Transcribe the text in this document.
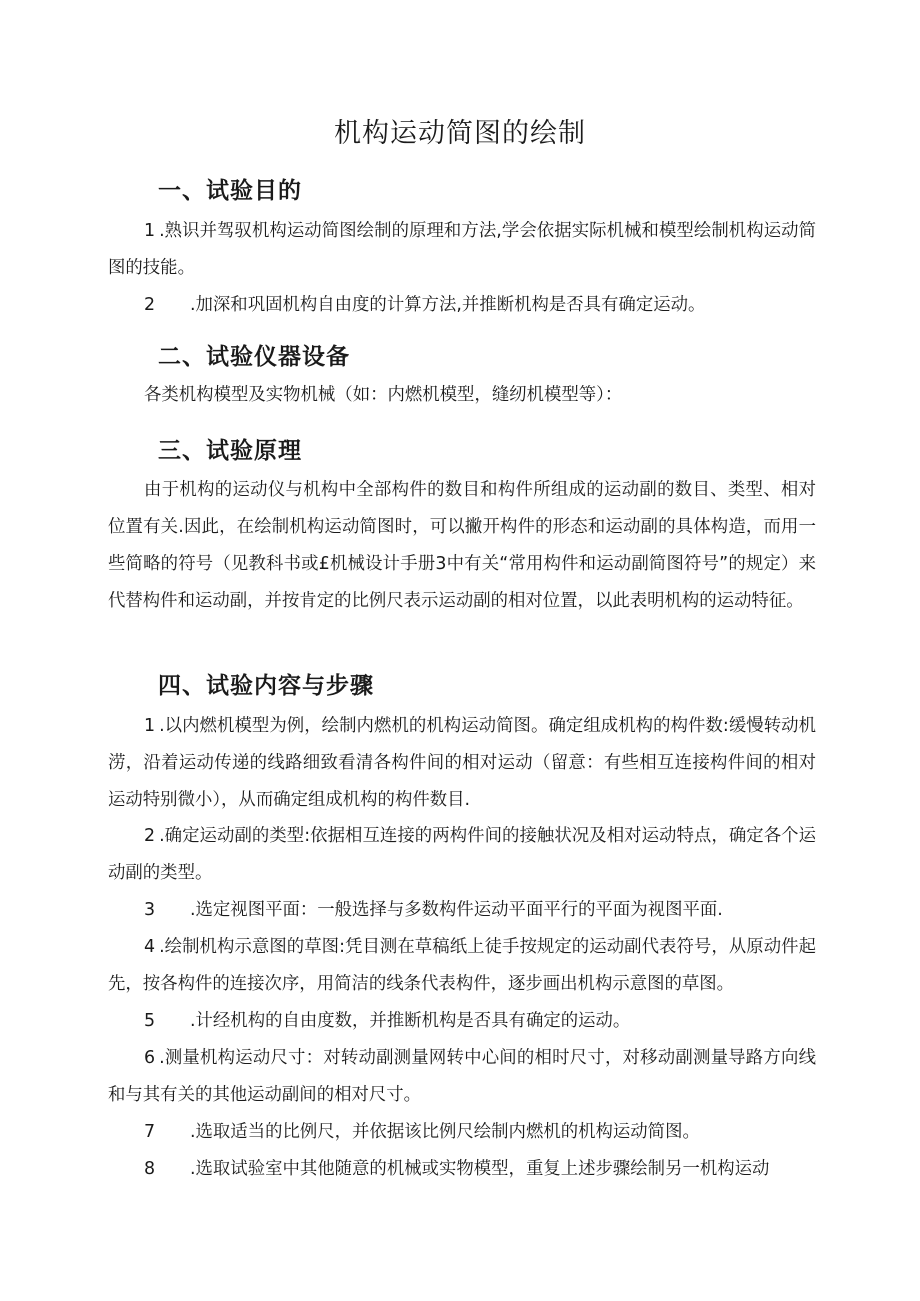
机构运动简图的绘制
一、试验目的

1 .熟识并驾驭机构运动简图绘制的原理和方法,学会依据实际机械和模型绘制机构运动简图的技能。

2 .加深和巩固机构自由度的计算方法,并推断机构是否具有确定运动。

二、试验仪器设备

各类机构模型及实物机械（如：内燃机模型，缝纫机模型等）：

三、试验原理

由于机构的运动仪与机构中全部构件的数目和构件所组成的运动副的数目、类型、相对位置有关.因此，在绘制机构运动简图时，可以撇开构件的形态和运动副的具体构造，而用一些简略的符号（见教科书或£机械设计手册3中有关“常用构件和运动副简图符号”的规定）来代替构件和运动副，并按肯定的比例尺表示运动副的相对位置，以此表明机构的运动特征。

四、试验内容与步骤

1 .以内燃机模型为例，绘制内燃机的机构运动简图。确定组成机构的构件数:缓慢转动机涝，沿着运动传递的线路细致看清各构件间的相对运动（留意：有些相互连接构件间的相对运动特别微小），从而确定组成机构的构件数目.

2 .确定运动副的类型:依据相互连接的两构件间的接触状况及相对运动特点，确定各个运动副的类型。

3 .选定视图平面：一般选择与多数构件运动平面平行的平面为视图平面.

4 .绘制机构示意图的草图:凭目测在草稿纸上徒手按规定的运动副代表符号，从原动件起先，按各构件的连接次序，用简洁的线条代表构件，逐步画出机构示意图的草图。

5 .计经机构的自由度数，并推断机构是否具有确定的运动。

6 .测量机构运动尺寸：对转动副测量网转中心间的相时尺寸，对移动副测量导路方向线和与其有关的其他运动副间的相对尺寸。

7 .选取适当的比例尺，并依据该比例尺绘制内燃机的机构运动简图。

8 .选取试验室中其他随意的机械或实物模型，重复上述步骤绘制另一机构运动
